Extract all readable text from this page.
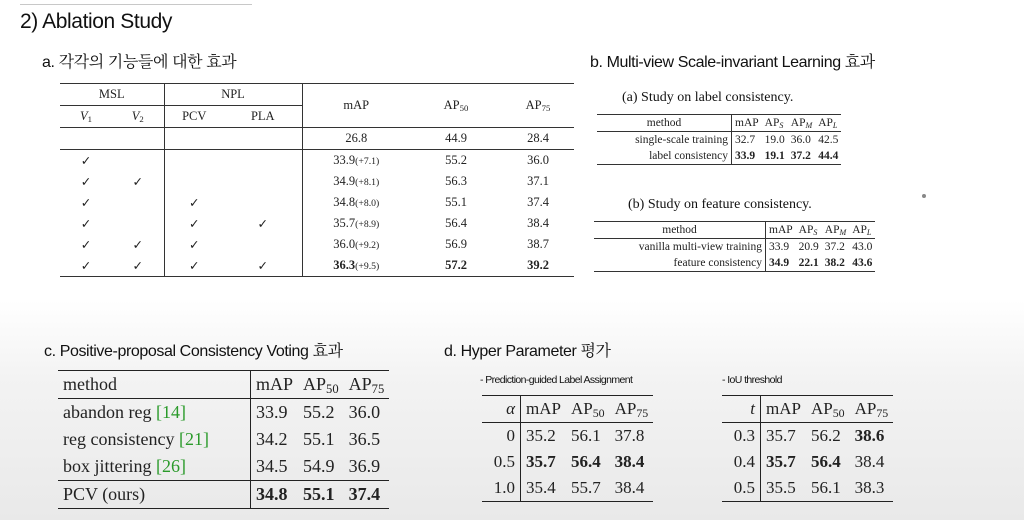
2) Ablation Study
a. 각각의 기능들에 대한 효과
MSL		NPL		mAP	$AP_{50}$	$AP_{75}$
$V_1$	$V_2$	PCV	PLA			
				26.8	44.9	28.4
✓				33.9(+7.1)	55.2	36.0
✓	✓			34.9(+8.1)	56.3	37.1
✓		✓		34.8(+8.0)	55.1	37.4
✓		✓	✓	35.7(+8.9)	56.4	38.4
✓	✓	✓		36.0(+9.2)	56.9	38.7
✓	✓	✓	✓	36.3(+9.5)	57.2	39.2
b. Multi-view Scale-invariant Learning 효과
(a) Study on label consistency.
method	mAP	$AP_S$	$AP_M$	$AP_L$
single-scale training	32.7	19.0	36.0	42.5
label consistency	33.9	19.1	37.2	44.4
(b) Study on feature consistency.
method	mAP	$AP_S$	$AP_M$	$AP_L$
vanilla multi-view training	33.9	20.9	37.2	43.0
feature consistency	34.9	22.1	38.2	43.6
c. Positive-proposal Consistency Voting 효과
method	mAP	$AP_{50}$	$AP_{75}$
abandon reg [14]	33.9	55.2	36.0
reg consistency [21]	34.2	55.1	36.5
box jittering [26]	34.5	54.9	36.9
PCV (ours)	34.8	55.1	37.4
d. Hyper Parameter 평가
- Prediction-guided Label Assignment	- IoU threshold
α	mAP	$AP_{50}$	$AP_{75}$
0	35.2	56.1	37.8
0.5	35.7	56.4	38.4
1.0	35.4	55.7	38.4
t	mAP	$AP_{50}$	$AP_{75}$
0.3	35.7	56.2	38.6
0.4	35.7	56.4	38.4
0.5	35.5	56.1	38.3
